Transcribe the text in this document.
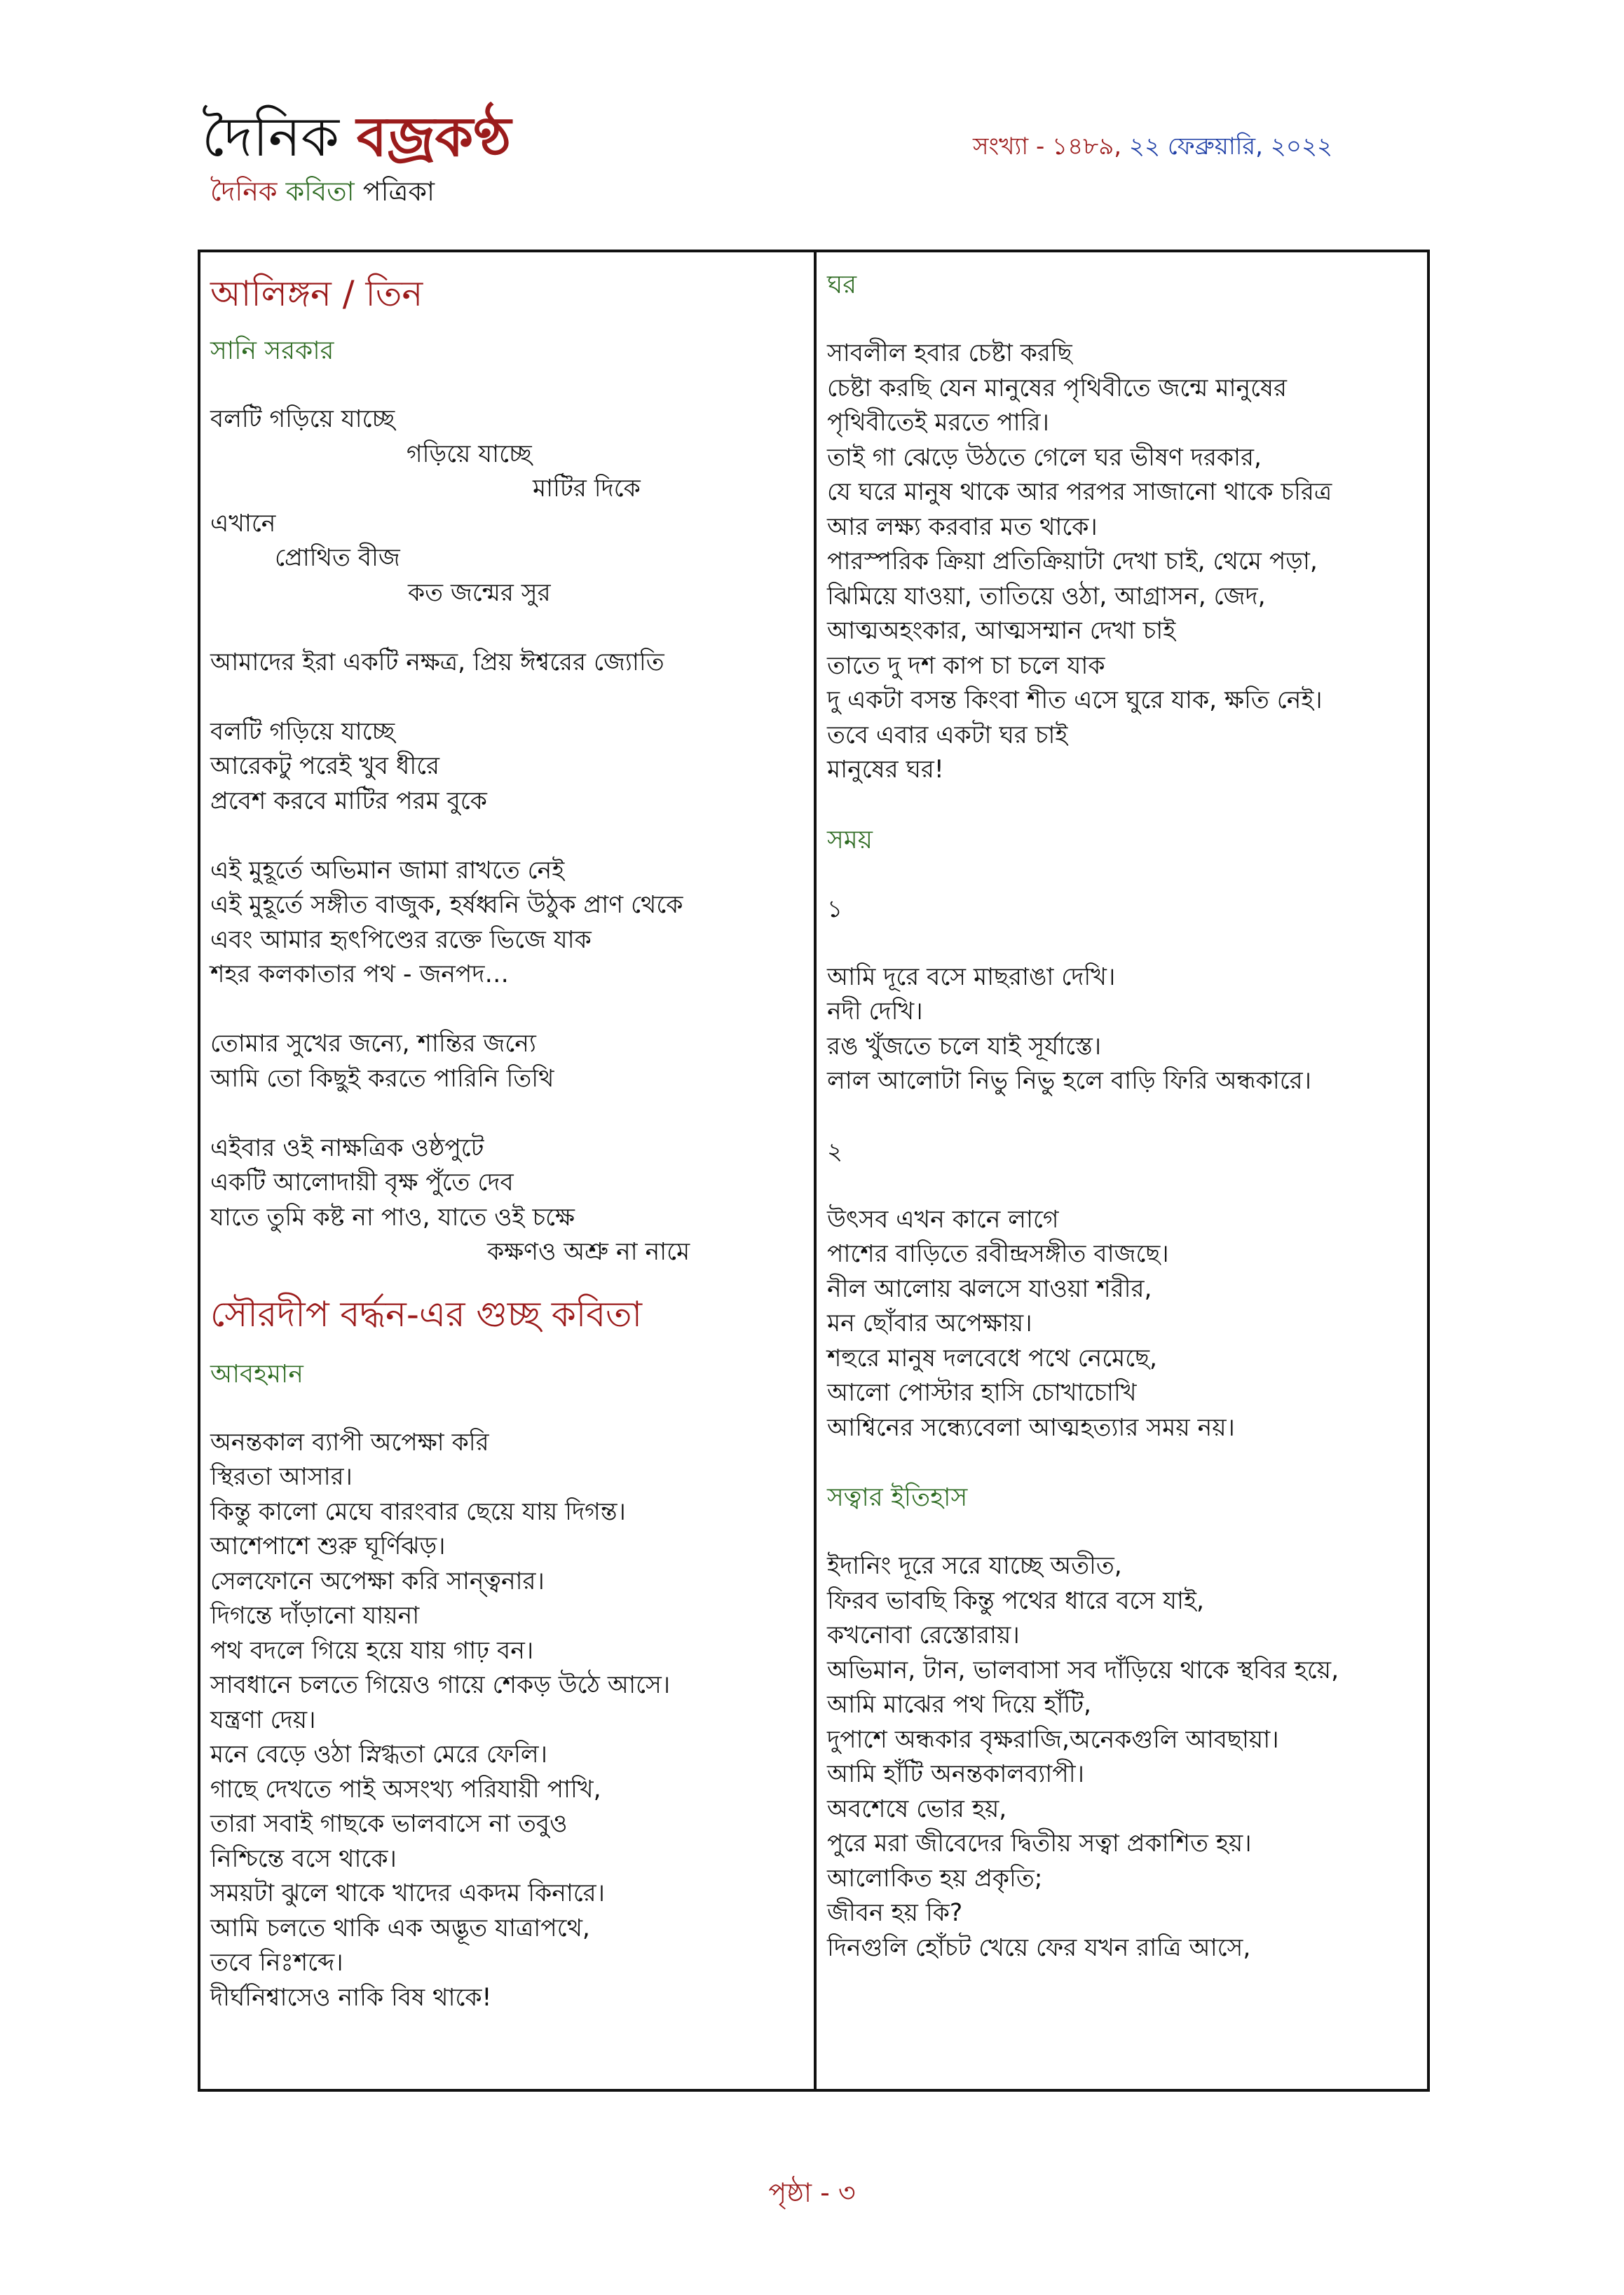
দৈনিক বজ্রকণ্ঠ
দৈনিক কবিতা পত্রিকা
সংখ্যা - ১৪৮৯, ২২ ফেব্রুয়ারি, ২০২২
আলিঙ্গন / তিন
সানি সরকার
বলটি গড়িয়ে যাচ্ছে
গড়িয়ে যাচ্ছে
মাটির দিকে
এখানে
প্রোথিত বীজ
কত জন্মের সুর
আমাদের ইরা একটি নক্ষত্র, প্রিয় ঈশ্বরের জ্যোতি
বলটি গড়িয়ে যাচ্ছে
আরেকটু পরেই খুব ধীরে
প্রবেশ করবে মাটির পরম বুকে
এই মুহূর্তে অভিমান জামা রাখতে নেই
এই মুহূর্তে সঙ্গীত বাজুক, হর্ষধ্বনি উঠুক প্রাণ থেকে
এবং আমার হৃৎপিণ্ডের রক্তে ভিজে যাক
শহর কলকাতার পথ - জনপদ…
তোমার সুখের জন্যে, শান্তির জন্যে
আমি তো কিছুই করতে পারিনি তিথি
এইবার ওই নাক্ষত্রিক ওষ্ঠপুটে
একটি আলোদায়ী বৃক্ষ পুঁতে দেব
যাতে তুমি কষ্ট না পাও, যাতে ওই চক্ষে
কক্ষণও অশ্রু না নামে
সৌরদীপ বর্দ্ধন-এর গুচ্ছ কবিতা
আবহমান
অনন্তকাল ব্যাপী অপেক্ষা করি
স্থিরতা আসার।
কিন্তু কালো মেঘে বারংবার ছেয়ে যায় দিগন্ত।
আশেপাশে শুরু ঘূর্ণিঝড়।
সেলফোনে অপেক্ষা করি সান্ত্বনার।
দিগন্তে দাঁড়ানো যায়না
পথ বদলে গিয়ে হয়ে যায় গাঢ় বন।
সাবধানে চলতে গিয়েও গায়ে শেকড় উঠে আসে।
যন্ত্রণা দেয়।
মনে বেড়ে ওঠা স্নিগ্ধতা মেরে ফেলি।
গাছে দেখতে পাই অসংখ্য পরিযায়ী পাখি,
তারা সবাই গাছকে ভালবাসে না তবুও
নিশ্চিন্তে বসে থাকে।
সময়টা ঝুলে থাকে খাদের একদম কিনারে।
আমি চলতে থাকি এক অদ্ভূত যাত্রাপথে,
তবে নিঃশব্দে।
দীর্ঘনিশ্বাসেও নাকি বিষ থাকে!
ঘর
সাবলীল হবার চেষ্টা করছি
চেষ্টা করছি যেন মানুষের পৃথিবীতে জন্মে মানুষের
পৃথিবীতেই মরতে পারি।
তাই গা ঝেড়ে উঠতে গেলে ঘর ভীষণ দরকার,
যে ঘরে মানুষ থাকে আর পরপর সাজানো থাকে চরিত্র
আর লক্ষ্য করবার মত থাকে।
পারস্পরিক ক্রিয়া প্রতিক্রিয়াটা দেখা চাই, থেমে পড়া,
ঝিমিয়ে যাওয়া, তাতিয়ে ওঠা, আগ্রাসন, জেদ,
আত্মঅহংকার, আত্মসম্মান দেখা চাই
তাতে দু দশ কাপ চা চলে যাক
দু একটা বসন্ত কিংবা শীত এসে ঘুরে যাক, ক্ষতি নেই।
তবে এবার একটা ঘর চাই
মানুষের ঘর!
সময়
১
আমি দূরে বসে মাছরাঙা দেখি।
নদী দেখি।
রঙ খুঁজতে চলে যাই সূর্যাস্তে।
লাল আলোটা নিভু নিভু হলে বাড়ি ফিরি অন্ধকারে।
২
উৎসব এখন কানে লাগে
পাশের বাড়িতে রবীন্দ্রসঙ্গীত বাজছে।
নীল আলোয় ঝলসে যাওয়া শরীর,
মন ছোঁবার অপেক্ষায়।
শহুরে মানুষ দলবেধে পথে নেমেছে,
আলো পোস্টার হাসি চোখাচোখি
আশ্বিনের সন্ধ্যেবেলা আত্মহত্যার সময় নয়।
সত্বার ইতিহাস
ইদানিং দূরে সরে যাচ্ছে অতীত,
ফিরব ভাবছি কিন্তু পথের ধারে বসে যাই,
কখনোবা রেস্তোরায়।
অভিমান, টান, ভালবাসা সব দাঁড়িয়ে থাকে স্থবির হয়ে,
আমি মাঝের পথ দিয়ে হাঁটি,
দুপাশে অন্ধকার বৃক্ষরাজি,অনেকগুলি আবছায়া।
আমি হাঁটি অনন্তকালব্যাপী।
অবশেষে ভোর হয়,
পুরে মরা জীবেদের দ্বিতীয় সত্বা প্রকাশিত হয়।
আলোকিত হয় প্রকৃতি;
জীবন হয় কি?
দিনগুলি হোঁচট খেয়ে ফের যখন রাত্রি আসে,
পৃষ্ঠা - ৩
